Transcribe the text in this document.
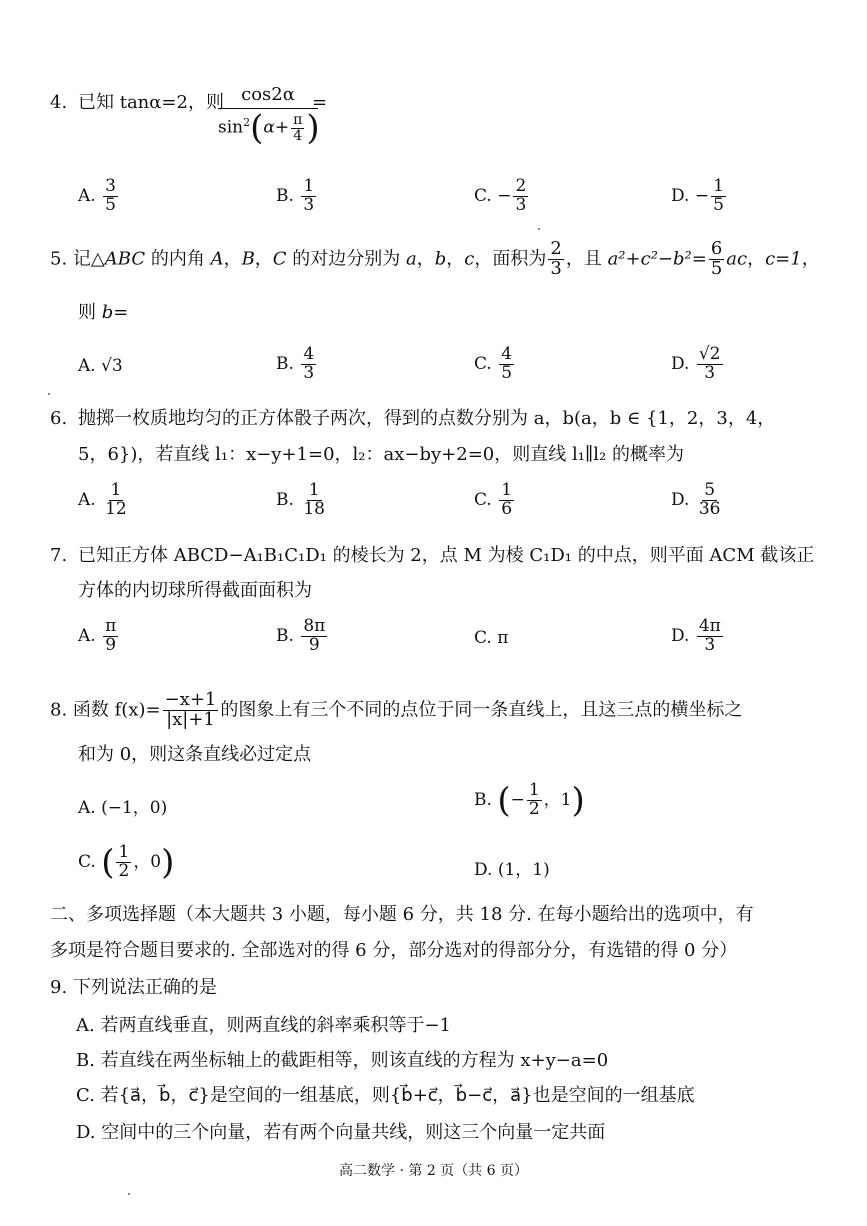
4. 已知 tanα=2，则
$\frac{\cos 2\alpha}{\sin^2(\alpha+ \frac{\pi}{4} )}$
=
A. $\frac{3}{5}$	B. $\frac{1}{3}$	C. − $\frac{2}{3}$	D. − $\frac{1}{5}$
5. 记△ABC 的内角 A，B，C 的对边分别为 a，b，c，面积为 $\frac{2}{3}$ ，且 $a^2+c^2-b^2= \frac{6}{5}$ ac，c=1，
则 b=
A. √3	B. $\frac{4}{3}$	C. $\frac{4}{5}$	D. $\frac{√2}{3}$
6. 抛掷一枚质地均匀的正方体骰子两次，得到的点数分别为 a，b(a，b ∈ {1，2，3，4，
5，6})，若直线 l₁：x−y+1=0，l₂：ax−by+2=0，则直线 l₁∥l₂ 的概率为
A. $\frac{1}{12}$	B. $\frac{1}{18}$	C. $\frac{1}{6}$	D. $\frac{5}{36}$
7. 已知正方体 ABCD−A₁B₁C₁D₁ 的棱长为 2，点 M 为棱 C₁D₁ 的中点，则平面 ACM 截该正
方体的内切球所得截面面积为
A. $\frac{\pi}{9}$	B. $\frac{8\pi}{9}$	C. π	D. $\frac{4\pi}{3}$
8. 函数 $f(x)= \frac{-x+1}{|x|+1}$ 的图象上有三个不同的点位于同一条直线上，且这三点的横坐标之
和为 0，则这条直线必过定点
A. (−1，0)	B. (− $\frac{1}{2}$ ，1)
C. ( $\frac{1}{2}$ ，0)	D. (1，1)
二、多项选择题（本大题共 3 小题，每小题 6 分，共 18 分. 在每小题给出的选项中，有
多项是符合题目要求的. 全部选对的得 6 分，部分选对的得部分分，有选错的得 0 分）
9. 下列说法正确的是
A. 若两直线垂直，则两直线的斜率乘积等于−1
B. 若直线在两坐标轴上的截距相等，则该直线的方程为 x+y−a=0
C. 若{a⃗，b⃗，c⃗}是空间的一组基底，则{b⃗+c⃗，b⃗−c⃗，a⃗}也是空间的一组基底
D. 空间中的三个向量，若有两个向量共线，则这三个向量一定共面
高二数学 · 第 2 页（共 6 页）
